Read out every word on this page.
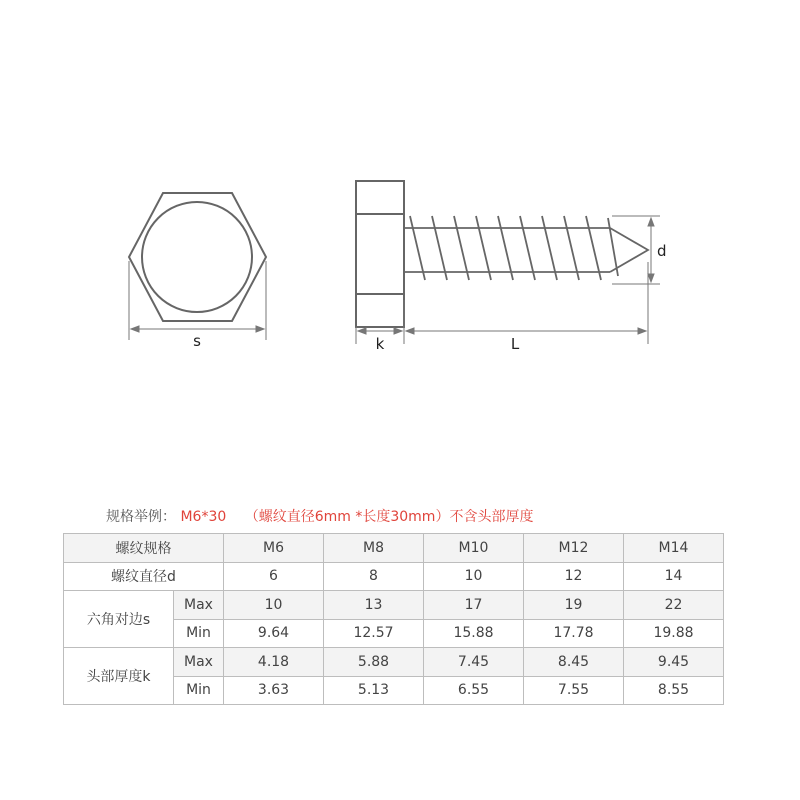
s
d
k	L
规格举例： M6*30 （螺纹直径6mm *长度30mm）不含头部厚度
螺纹规格		M6	M8	M10	M12	M14
螺纹直径d		6	8	10	12	14
六角对边s	Max	10	13	17	19	22
	Min	9.64	12.57	15.88	17.78	19.88
头部厚度k	Max	4.18	5.88	7.45	8.45	9.45
	Min	3.63	5.13	6.55	7.55	8.55
